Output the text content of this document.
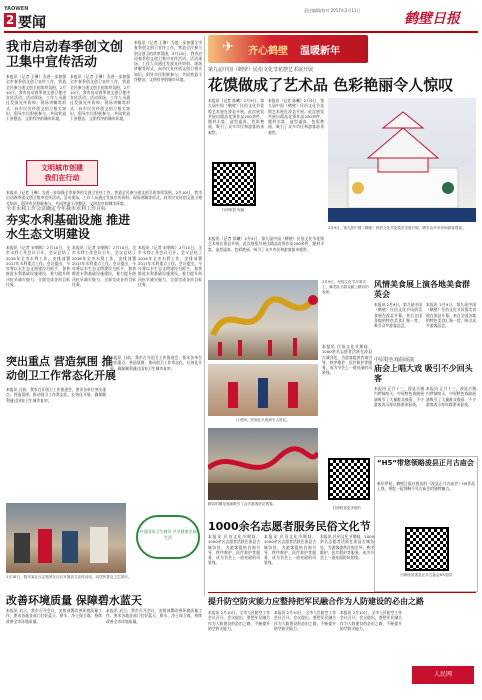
YAOWEN
2 要闻
责任编辑/校对 2017年2月11日
鹤壁日报
✈ 齐心鹤壁 温暖新年
我市启动春季创文创卫集中宣传活动
本报讯（记者 王琳）为进一步加强全市春季创文创卫宣传工作，营造全民参与创文创卫的浓厚氛围，2月10日，我市启动春季创文创卫集中宣传活动。活动现场，工作人员通过发放宣传资料、现场讲解等形式，向市民宣传创文创卫相关知识，倡导市民积极参与，共同营造干净整洁、文明有序的城市环境。
本报讯（记者 王琳）为进一步加强全市春季创文创卫宣传工作，营造全民参与创文创卫的浓厚氛围，2月10日，我市启动春季创文创卫集中宣传活动。活动现场，工作人员通过发放宣传资料、现场讲解等形式，向市民宣传创文创卫相关知识，倡导市民积极参与，共同营造干净整洁、文明有序的城市环境。
本报讯（记者 王琳）为进一步加强全市春季创文创卫宣传工作，营造全民参与创文创卫的浓厚氛围，2月10日，我市启动春季创文创卫集中宣传活动。活动现场，工作人员通过发放宣传资料、现场讲解等形式，向市民宣传创文创卫相关知识，倡导市民积极参与，共同营造干净整洁、文明有序的城市环境。
文明城市创建
我们在行动
本报讯（记者 王琳）为进一步加强全市春季创文创卫宣传工作，营造全民参与创文创卫的浓厚氛围，2月10日，我市启动春季创文创卫集中宣传活动。活动现场，工作人员通过发放宣传资料、现场讲解等形式，向市民宣传创文创卫相关知识，倡导市民积极参与，共同营造干净整洁、文明有序的城市环境。
全市水利工作会议确定今年我市水利工作目标
夯实水利基础设施 推进水生态文明建设
本报讯（记者 宋朝晖）2月10日，全市水利工作会议召开。会议总结了2016年全市水利工作，安排部署2017年水利重点工作。会议提出，今年将以水生态文明建设为抓手，加快推进水利基础设施建设，着力提升防汛抗旱减灾能力，全面完成各项目标任务。
本报讯（记者 宋朝晖）2月10日，全市水利工作会议召开。会议总结了2016年全市水利工作，安排部署2017年水利重点工作。会议提出，今年将以水生态文明建设为抓手，加快推进水利基础设施建设，着力提升防汛抗旱减灾能力，全面完成各项目标任务。
本报讯（记者 宋朝晖）2月10日，全市水利工作会议召开。会议总结了2016年全市水利工作，安排部署2017年水利重点工作。会议提出，今年将以水生态文明建设为抓手，加快推进水利基础设施建设，着力提升防汛抗旱减灾能力，全面完成各项目标任务。
突出重点 营造氛围 推动创卫工作常态化开展
本报讯 日前，我市召开创卫工作推进会，要求各单位突出重点、营造氛围，推动创卫工作常态化、长效化开展，确保顺利通过国家卫生城市复审。
本报讯 日前，我市召开创卫工作推进会，要求各单位突出重点、营造氛围，推动创卫工作常态化、长效化开展，确保顺利通过国家卫生城市复审。
1月18日，我市某社区志愿者在社区开展创卫宣传活动，向居民普及卫生知识。
共创国家卫生城市 共享健康幸福生活
改善环境质量 保障碧水蓝天
本报讯 近日，我市召开会议，安排部署改善环境质量工作，要求各地各部门打好蓝天、碧水、净土保卫战，持续改善全市环境质量。
本报讯 近日，我市召开会议，安排部署改善环境质量工作，要求各地各部门打好蓝天、碧水、净土保卫战，持续改善全市环境质量。
第九届中国（鹤壁）民俗文化节花摆艺术展开展
花馍做成了艺术品 色彩艳丽令人惊叹
本报讯（记者 陈曦）2月9日，第九届中国（鹤壁）民俗文化节花馍艺术展在浚县开展。此次展览共展出精品花馍作品200余件，题材丰富、造型逼真、色彩艳丽，吸引了众多市民和游客前来观赏。
扫码收看 视频
本报讯（记者 陈曦）2月9日，第九届中国（鹤壁）民俗文化节花馍艺术展在浚县开展。此次展览共展出精品花馍作品200余件，题材丰富、造型逼真、色彩艳丽，吸引了众多市民和游客前来观赏。
2月9日，第九届中国（鹤壁）民俗文化节花馍艺术展开展，吸引众多市民和游客观赏。
本报讯（记者 陈曦）2月9日，第九届中国（鹤壁）民俗文化节花馍艺术展在浚县开展。此次展览共展出精品花馍作品200余件，题材丰富、造型逼真、色彩艳丽，吸引了众多市民和游客前来观赏。
2月9日，民俗文化节开幕式上，舞龙队为群众献上精彩的表演。
行进间，民间社火表演引人驻足。
本报讯 民俗文化节期间，1000余名志愿者活跃在浚县古城各处，为游客提供咨询引导、秩序维护、医疗救护等服务，成为节会上一道亮丽的风景线。
扫码欣赏更多图片
精彩的舞龙表演吸引了众多游客驻足观看。
1000余名志愿者服务民俗文化节
本报讯 民俗文化节期间，1000余名志愿者活跃在浚县古城各处，为游客提供咨询引导、秩序维护、医疗救护等服务，成为节会上一道亮丽的风景线。
本报讯 民俗文化节期间，1000余名志愿者活跃在浚县古城各处，为游客提供咨询引导、秩序维护、医疗救护等服务，成为节会上一道亮丽的风景线。
本报讯 民俗文化节期间，1000余名志愿者活跃在浚县古城各处，为游客提供咨询引导、秩序维护、医疗救护等服务，成为节会上一道亮丽的风景线。
风情美食展上演各地美食群英会
本报讯 2月9日，第九届中国（鹤壁）民俗文化节风情美食展在浚县开幕，来自全国各地的特色美食汇聚一堂，吸引众多游客品尝。
本报讯 2月9日，第九届中国（鹤壁）民俗文化节风情美食展在浚县开幕，来自全国各地的特色美食汇聚一堂，吸引众多游客品尝。
中原特色戏曲展演
庙会上唱大戏 吸引不少回头客
本报讯 正月十三，浚县古城内锣鼓喧天，中原特色戏曲展演吸引了大量群众观看，不少游客表示每年都要来看戏。
本报讯 正月十三，浚县古城内锣鼓喧天，中原特色戏曲展演吸引了大量群众观看，不少游客表示每年都要来看戏。
“H5”带您领略浚县正月古庙会
新年伊始，鹤壁日报社推出的《浚县正月古庙会》H5作品上线，带您一起领略千年古庙会的独特魅力。
扫码欣赏浚县正月古庙会H5页面
提升防空防灾能力应整持把军民融合作为人防建设的必由之路
本报讯 2月10日，全市人民防空工作会议召开。会议提出，要把军民融合作为人防建设的必由之路，不断提升防空防灾能力。
本报讯 2月10日，全市人民防空工作会议召开。会议提出，要把军民融合作为人防建设的必由之路，不断提升防空防灾能力。
本报讯 2月10日，全市人民防空工作会议召开。会议提出，要把军民融合作为人防建设的必由之路，不断提升防空防灾能力。
人民网
